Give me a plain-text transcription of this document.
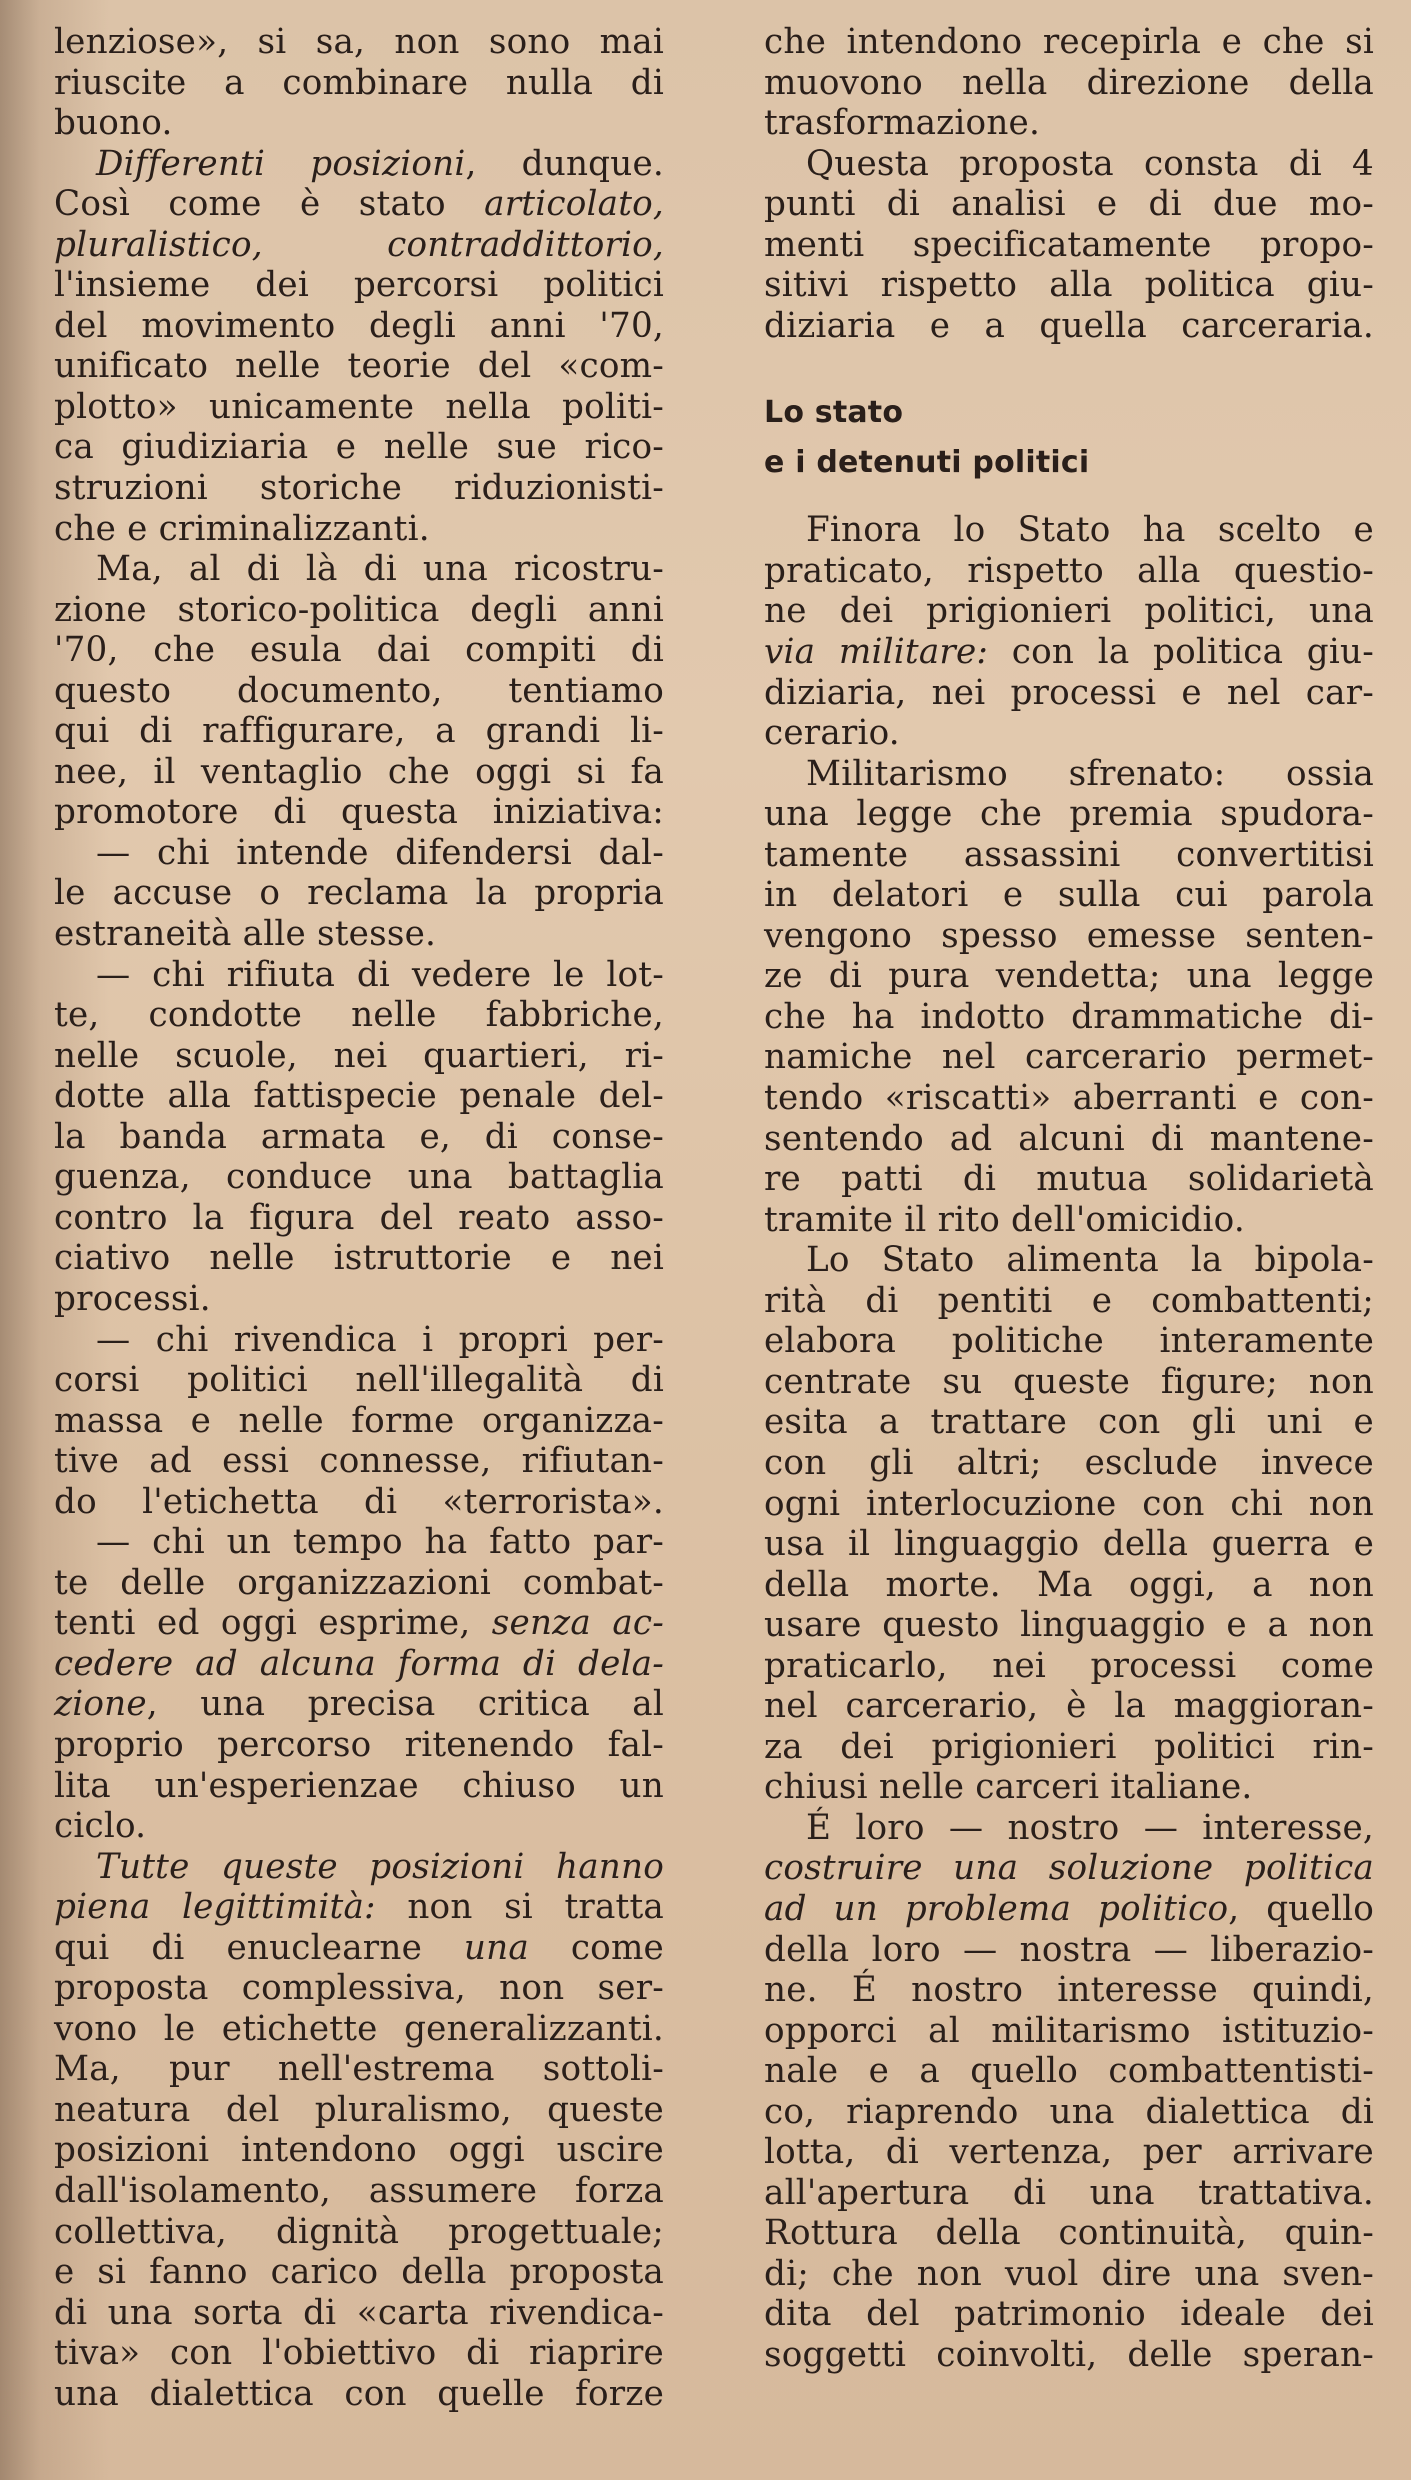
lenziose», si sa, non sono mai
riuscite a combinare nulla di
buono.
Differenti posizioni, dunque.
Così come è stato articolato,
pluralistico, contraddittorio,
l'insieme dei percorsi politici
del movimento degli anni '70,
unificato nelle teorie del «com-
plotto» unicamente nella politi-
ca giudiziaria e nelle sue rico-
struzioni storiche riduzionisti-
che e criminalizzanti.
Ma, al di là di una ricostru-
zione storico-politica degli anni
'70, che esula dai compiti di
questo documento, tentiamo
qui di raffigurare, a grandi li-
nee, il ventaglio che oggi si fa
promotore di questa iniziativa:
— chi intende difendersi dal-
le accuse o reclama la propria
estraneità alle stesse.
— chi rifiuta di vedere le lot-
te, condotte nelle fabbriche,
nelle scuole, nei quartieri, ri-
dotte alla fattispecie penale del-
la banda armata e, di conse-
guenza, conduce una battaglia
contro la figura del reato asso-
ciativo nelle istruttorie e nei
processi.
— chi rivendica i propri per-
corsi politici nell'illegalità di
massa e nelle forme organizza-
tive ad essi connesse, rifiutan-
do l'etichetta di «terrorista».
— chi un tempo ha fatto par-
te delle organizzazioni combat-
tenti ed oggi esprime, senza ac-
cedere ad alcuna forma di dela-
zione, una precisa critica al
proprio percorso ritenendo fal-
lita un'esperienzae chiuso un
ciclo.
Tutte queste posizioni hanno
piena legittimità: non si tratta
qui di enuclearne una come
proposta complessiva, non ser-
vono le etichette generalizzanti.
Ma, pur nell'estrema sottoli-
neatura del pluralismo, queste
posizioni intendono oggi uscire
dall'isolamento, assumere forza
collettiva, dignità progettuale;
e si fanno carico della proposta
di una sorta di «carta rivendica-
tiva» con l'obiettivo di riaprire
una dialettica con quelle forze
che intendono recepirla e che si
muovono nella direzione della
trasformazione.
Questa proposta consta di 4
punti di analisi e di due mo-
menti specificatamente propo-
sitivi rispetto alla politica giu-
diziaria e a quella carceraria.
Lo stato
e i detenuti politici
Finora lo Stato ha scelto e
praticato, rispetto alla questio-
ne dei prigionieri politici, una
via militare: con la politica giu-
diziaria, nei processi e nel car-
cerario.
Militarismo sfrenato: ossia
una legge che premia spudora-
tamente assassini convertitisi
in delatori e sulla cui parola
vengono spesso emesse senten-
ze di pura vendetta; una legge
che ha indotto drammatiche di-
namiche nel carcerario permet-
tendo «riscatti» aberranti e con-
sentendo ad alcuni di mantene-
re patti di mutua solidarietà
tramite il rito dell'omicidio.
Lo Stato alimenta la bipola-
rità di pentiti e combattenti;
elabora politiche interamente
centrate su queste figure; non
esita a trattare con gli uni e
con gli altri; esclude invece
ogni interlocuzione con chi non
usa il linguaggio della guerra e
della morte. Ma oggi, a non
usare questo linguaggio e a non
praticarlo, nei processi come
nel carcerario, è la maggioran-
za dei prigionieri politici rin-
chiusi nelle carceri italiane.
É loro — nostro — interesse,
costruire una soluzione politica
ad un problema politico, quello
della loro — nostra — liberazio-
ne. É nostro interesse quindi,
opporci al militarismo istituzio-
nale e a quello combattentisti-
co, riaprendo una dialettica di
lotta, di vertenza, per arrivare
all'apertura di una trattativa.
Rottura della continuità, quin-
di; che non vuol dire una sven-
dita del patrimonio ideale dei
soggetti coinvolti, delle speran-
